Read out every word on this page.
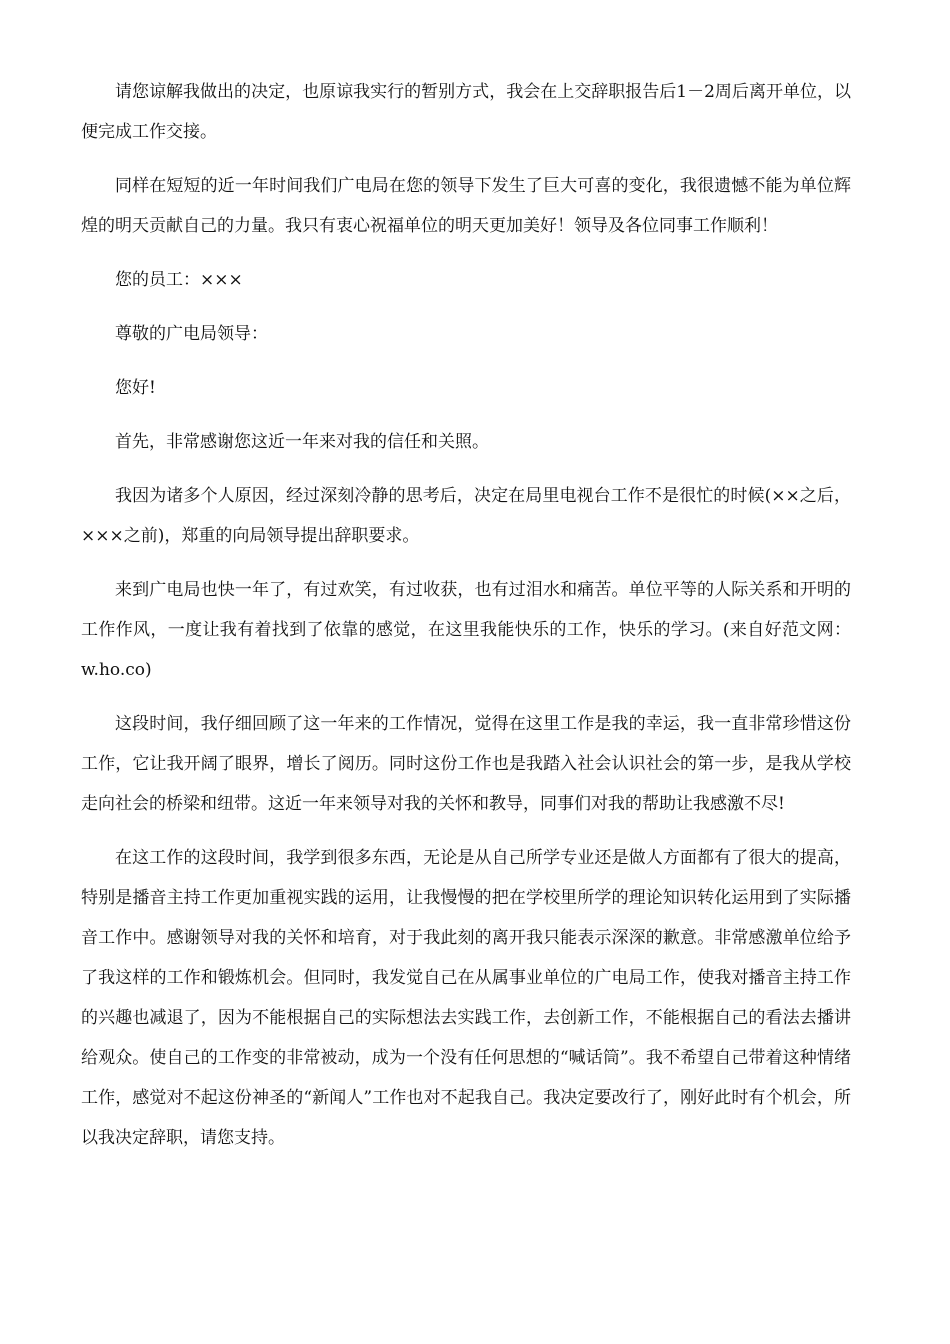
请您谅解我做出的决定，也原谅我实行的暂别方式，我会在上交辞职报告后1－2周后离开单位，以便完成工作交接。

同样在短短的近一年时间我们广电局在您的领导下发生了巨大可喜的变化，我很遗憾不能为单位辉煌的明天贡献自己的力量。我只有衷心祝福单位的明天更加美好！领导及各位同事工作顺利！

您的员工：×××

尊敬的广电局领导：

您好!

首先，非常感谢您这近一年来对我的信任和关照。

我因为诸多个人原因，经过深刻冷静的思考后，决定在局里电视台工作不是很忙的时候(××之后，×××之前)，郑重的向局领导提出辞职要求。

来到广电局也快一年了，有过欢笑，有过收获，也有过泪水和痛苦。单位平等的人际关系和开明的工作作风，一度让我有着找到了依靠的感觉，在这里我能快乐的工作，快乐的学习。(来自好范文网：w.ho.co)

这段时间，我仔细回顾了这一年来的工作情况，觉得在这里工作是我的幸运，我一直非常珍惜这份工作，它让我开阔了眼界，增长了阅历。同时这份工作也是我踏入社会认识社会的第一步，是我从学校走向社会的桥梁和纽带。这近一年来领导对我的关怀和教导，同事们对我的帮助让我感激不尽!

在这工作的这段时间，我学到很多东西，无论是从自己所学专业还是做人方面都有了很大的提高，特别是播音主持工作更加重视实践的运用，让我慢慢的把在学校里所学的理论知识转化运用到了实际播音工作中。感谢领导对我的关怀和培育，对于我此刻的离开我只能表示深深的歉意。非常感激单位给予了我这样的工作和锻炼机会。但同时，我发觉自己在从属事业单位的广电局工作，使我对播音主持工作的兴趣也减退了，因为不能根据自己的实际想法去实践工作，去创新工作，不能根据自己的看法去播讲给观众。使自己的工作变的非常被动，成为一个没有任何思想的“喊话筒”。我不希望自己带着这种情绪工作，感觉对不起这份神圣的“新闻人”工作也对不起我自己。我决定要改行了，刚好此时有个机会，所以我决定辞职，请您支持。
